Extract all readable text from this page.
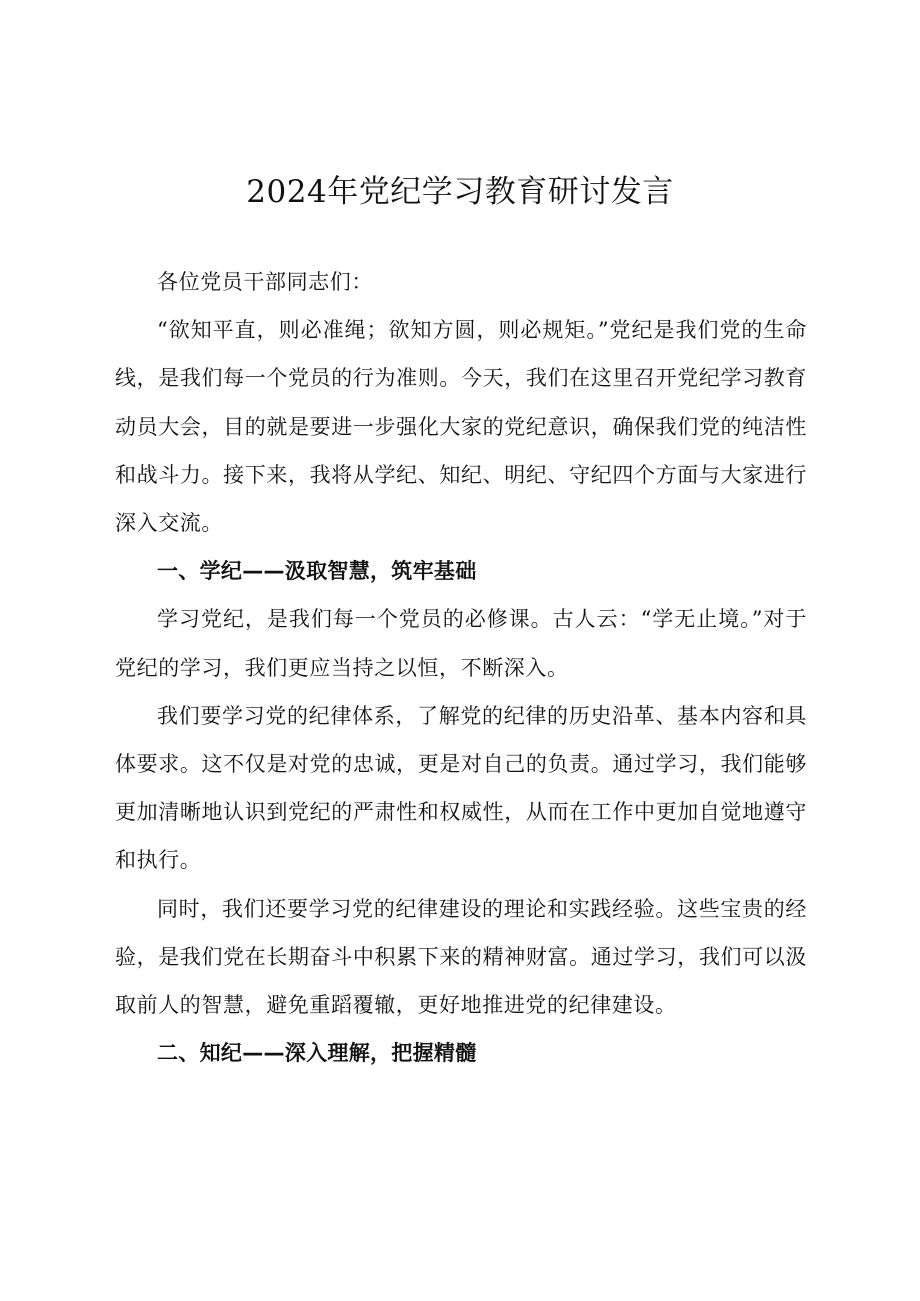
2024年党纪学习教育研讨发言

各位党员干部同志们：

“欲知平直，则必准绳；欲知方圆，则必规矩。”党纪是我们党的生命线，是我们每一个党员的行为准则。今天，我们在这里召开党纪学习教育动员大会，目的就是要进一步强化大家的党纪意识，确保我们党的纯洁性和战斗力。接下来，我将从学纪、知纪、明纪、守纪四个方面与大家进行深入交流。

一、学纪——汲取智慧，筑牢基础

学习党纪，是我们每一个党员的必修课。古人云：“学无止境。”对于党纪的学习，我们更应当持之以恒，不断深入。

我们要学习党的纪律体系，了解党的纪律的历史沿革、基本内容和具体要求。这不仅是对党的忠诚，更是对自己的负责。通过学习，我们能够更加清晰地认识到党纪的严肃性和权威性，从而在工作中更加自觉地遵守和执行。

同时，我们还要学习党的纪律建设的理论和实践经验。这些宝贵的经验，是我们党在长期奋斗中积累下来的精神财富。通过学习，我们可以汲取前人的智慧，避免重蹈覆辙，更好地推进党的纪律建设。

二、知纪——深入理解，把握精髓
